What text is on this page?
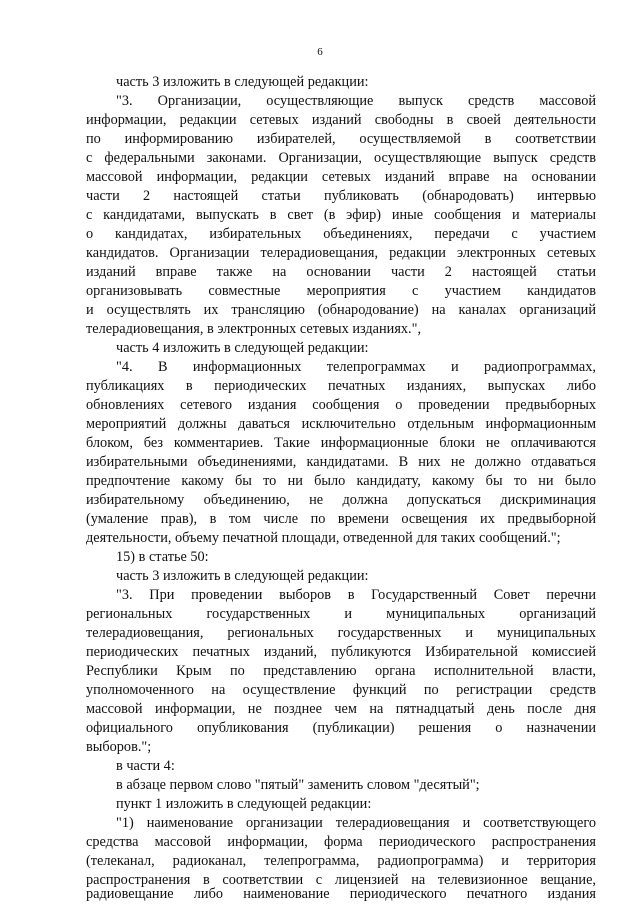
6
часть 3 изложить в следующей редакции:
"3. Организации, осуществляющие выпуск средств массовой
информации, редакции сетевых изданий свободны в своей деятельности
по информированию избирателей, осуществляемой в соответствии
с федеральными законами. Организации, осуществляющие выпуск средств
массовой информации, редакции сетевых изданий вправе на основании
части 2 настоящей статьи публиковать (обнародовать) интервью
с кандидатами, выпускать в свет (в эфир) иные сообщения и материалы
о кандидатах, избирательных объединениях, передачи с участием
кандидатов. Организации телерадиовещания, редакции электронных сетевых
изданий вправе также на основании части 2 настоящей статьи
организовывать совместные мероприятия с участием кандидатов
и осуществлять их трансляцию (обнародование) на каналах организаций
телерадиовещания, в электронных сетевых изданиях.",
часть 4 изложить в следующей редакции:
"4. В информационных телепрограммах и радиопрограммах,
публикациях в периодических печатных изданиях, выпусках либо
обновлениях сетевого издания сообщения о проведении предвыборных
мероприятий должны даваться исключительно отдельным информационным
блоком, без комментариев. Такие информационные блоки не оплачиваются
избирательными объединениями, кандидатами. В них не должно отдаваться
предпочтение какому бы то ни было кандидату, какому бы то ни было
избирательному объединению, не должна допускаться дискриминация
(умаление прав), в том числе по времени освещения их предвыборной
деятельности, объему печатной площади, отведенной для таких сообщений.";
15) в статье 50:
часть 3 изложить в следующей редакции:
"3. При проведении выборов в Государственный Совет перечни
региональных государственных и муниципальных организаций
телерадиовещания, региональных государственных и муниципальных
периодических печатных изданий, публикуются Избирательной комиссией
Республики Крым по представлению органа исполнительной власти,
уполномоченного на осуществление функций по регистрации средств
массовой информации, не позднее чем на пятнадцатый день после дня
официального опубликования (публикации) решения о назначении
выборов.";
в части 4:
в абзаце первом слово "пятый" заменить словом "десятый";
пункт 1 изложить в следующей редакции:
"1) наименование организации телерадиовещания и соответствующего
средства массовой информации, форма периодического распространения
(телеканал, радиоканал, телепрограмма, радиопрограмма) и территория
распространения в соответствии с лицензией на телевизионное вещание,
радиовещание либо наименование периодического печатного издания
